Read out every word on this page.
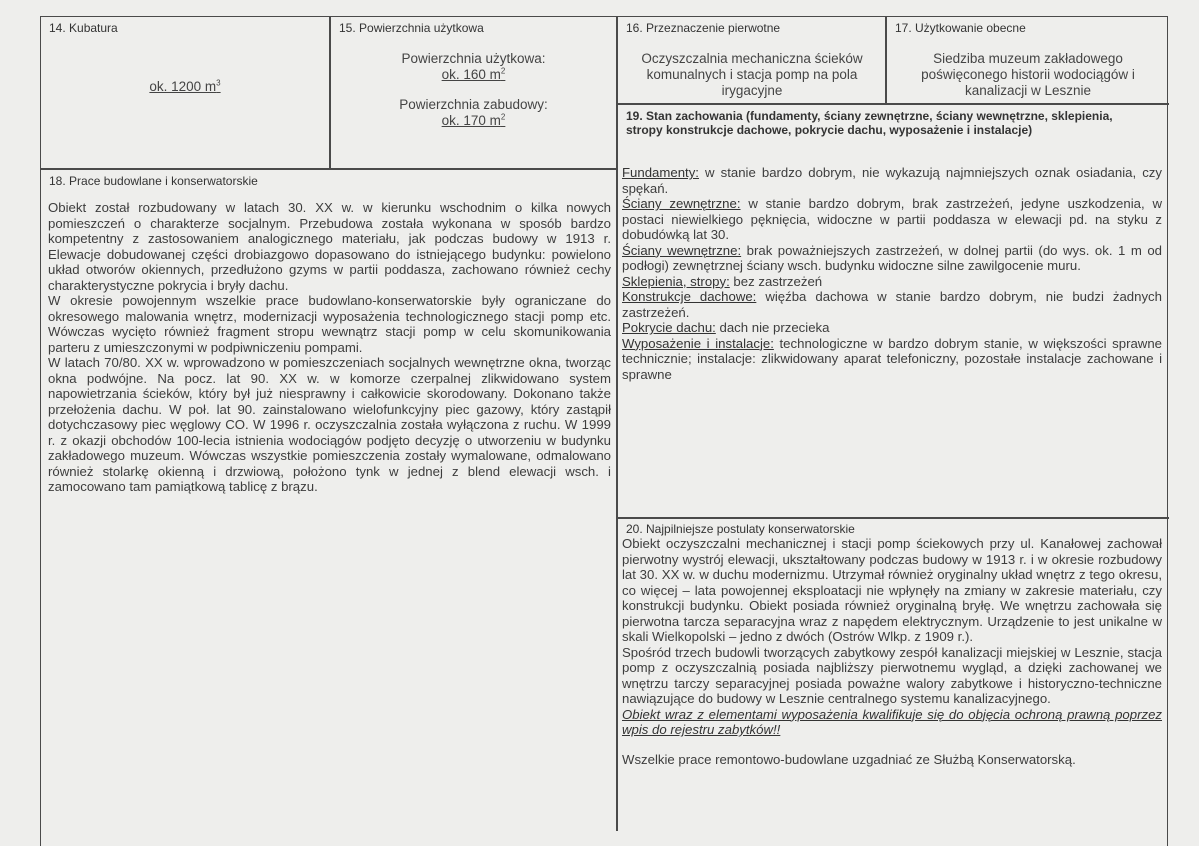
14. Kubatura
ok. 1200 $m^3$
15. Powierzchnia użytkowa
Powierzchnia użytkowa:
ok. 160 $m^2$
Powierzchnia zabudowy:
ok. 170 $m^2$
16. Przeznaczenie pierwotne
Oczyszczalnia mechaniczna ścieków komunalnych i stacja pomp na pola irygacyjne
17. Użytkowanie obecne
Siedziba muzeum zakładowego poświęconego historii wodociągów i kanalizacji w Lesznie
18. Prace budowlane i konserwatorskie

Obiekt został rozbudowany w latach 30. XX w. w kierunku wschodnim o kilka nowych pomieszczeń o charakterze socjalnym. Przebudowa została wykonana w sposób bardzo kompetentny z zastosowaniem analogicznego materiału, jak podczas budowy w 1913 r. Elewacje dobudowanej części drobiazgowo dopasowano do istniejącego budynku: powielono układ otworów okiennych, przedłużono gzyms w partii poddasza, zachowano również cechy charakterystyczne pokrycia i bryły dachu.

W okresie powojennym wszelkie prace budowlano-konserwatorskie były ograniczane do okresowego malowania wnętrz, modernizacji wyposażenia technologicznego stacji pomp etc. Wówczas wycięto również fragment stropu wewnątrz stacji pomp w celu skomunikowania parteru z umieszczonymi w podpiwniczeniu pompami.

W latach 70/80. XX w. wprowadzono w pomieszczeniach socjalnych wewnętrzne okna, tworząc okna podwójne. Na pocz. lat 90. XX w. w komorze czerpalnej zlikwidowano system napowietrzania ścieków, który był już niesprawny i całkowicie skorodowany. Dokonano także przełożenia dachu. W poł. lat 90. zainstalowano wielofunkcyjny piec gazowy, który zastąpił dotychczasowy piec węglowy CO. W 1996 r. oczyszczalnia została wyłączona z ruchu. W 1999 r. z okazji obchodów 100-lecia istnienia wodociągów podjęto decyzję o utworzeniu w budynku zakładowego muzeum. Wówczas wszystkie pomieszczenia zostały wymalowane, odmalowano również stolarkę okienną i drzwiową, położono tynk w jednej z blend elewacji wsch. i zamocowano tam pamiątkową tablicę z brązu.

19. Stan zachowania (fundamenty, ściany zewnętrzne, ściany wewnętrzne, sklepienia, stropy konstrukcje dachowe, pokrycie dachu, wyposażenie i instalacje)

Fundamenty: w stanie bardzo dobrym, nie wykazują najmniejszych oznak osiadania, czy spękań.

Ściany zewnętrzne: w stanie bardzo dobrym, brak zastrzeżeń, jedyne uszkodzenia, w postaci niewielkiego pęknięcia, widoczne w partii poddasza w elewacji pd. na styku z dobudówką lat 30.

Ściany wewnętrzne: brak poważniejszych zastrzeżeń, w dolnej partii (do wys. ok. 1 m od podłogi) zewnętrznej ściany wsch. budynku widoczne silne zawilgocenie muru.

Sklepienia, stropy: bez zastrzeżeń

Konstrukcje dachowe: więźba dachowa w stanie bardzo dobrym, nie budzi żadnych zastrzeżeń.

Pokrycie dachu: dach nie przecieka

Wyposażenie i instalacje: technologiczne w bardzo dobrym stanie, w większości sprawne technicznie; instalacje: zlikwidowany aparat telefoniczny, pozostałe instalacje zachowane i sprawne

20. Najpilniejsze postulaty konserwatorskie

Obiekt oczyszczalni mechanicznej i stacji pomp ściekowych przy ul. Kanałowej zachował pierwotny wystrój elewacji, ukształtowany podczas budowy w 1913 r. i w okresie rozbudowy lat 30. XX w. w duchu modernizmu. Utrzymał również oryginalny układ wnętrz z tego okresu, co więcej – lata powojennej eksploatacji nie wpłynęły na zmiany w zakresie materiału, czy konstrukcji budynku. Obiekt posiada również oryginalną bryłę. We wnętrzu zachowała się pierwotna tarcza separacyjna wraz z napędem elektrycznym. Urządzenie to jest unikalne w skali Wielkopolski – jedno z dwóch (Ostrów Wlkp. z 1909 r.).

Spośród trzech budowli tworzących zabytkowy zespół kanalizacji miejskiej w Lesznie, stacja pomp z oczyszczalnią posiada najbliższy pierwotnemu wygląd, a dzięki zachowanej we wnętrzu tarczy separacyjnej posiada poważne walory zabytkowe i historyczno-techniczne nawiązujące do budowy w Lesznie centralnego systemu kanalizacyjnego.

Obiekt wraz z elementami wyposażenia kwalifikuje się do objęcia ochroną prawną poprzez wpis do rejestru zabytków!!

Wszelkie prace remontowo-budowlane uzgadniać ze Służbą Konserwatorską.
